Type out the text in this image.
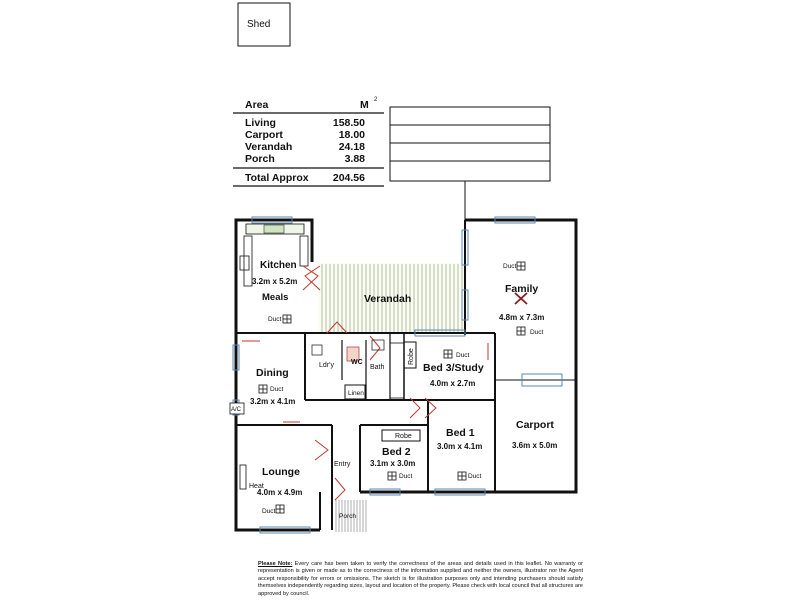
Shed
Area	M 2
Living	158.50
Carport	18.00
Verandah	24.18
Porch	3.88
Total Approx 204.56
Kitchen
3.2m x 5.2m
Meals
Duct
Verandah
Family
4.8m x 7.3m
Duct
Duct
Dining
3.2m x 4.1m
Duct
Ldr'y WC
Bath
Linen
Robe
Bed 3/Study
4.0m x 2.7m
Duct
Bed 1
3.0m x 4.1m
Duct
Bed 2
3.1m x 3.0m
Duct
Robe
Carport
3.6m x 5.0m
Entry
Lounge
4.0m x 4.9m
Duct
Heat
Porch
A/C
Please Note: Every care has been taken to verify the correctness of the areas and details used in this leaflet. No warranty or representation is given or made as to the correctness of the information supplied and neither the owners, illustrator nor the Agent accept responsibility for errors or omissions. The sketch is for illustration purposes only and intending purchasers should satisfy themselves independently regarding sizes, layout and location of the property. Please check with local council that all structures are approved by council.
